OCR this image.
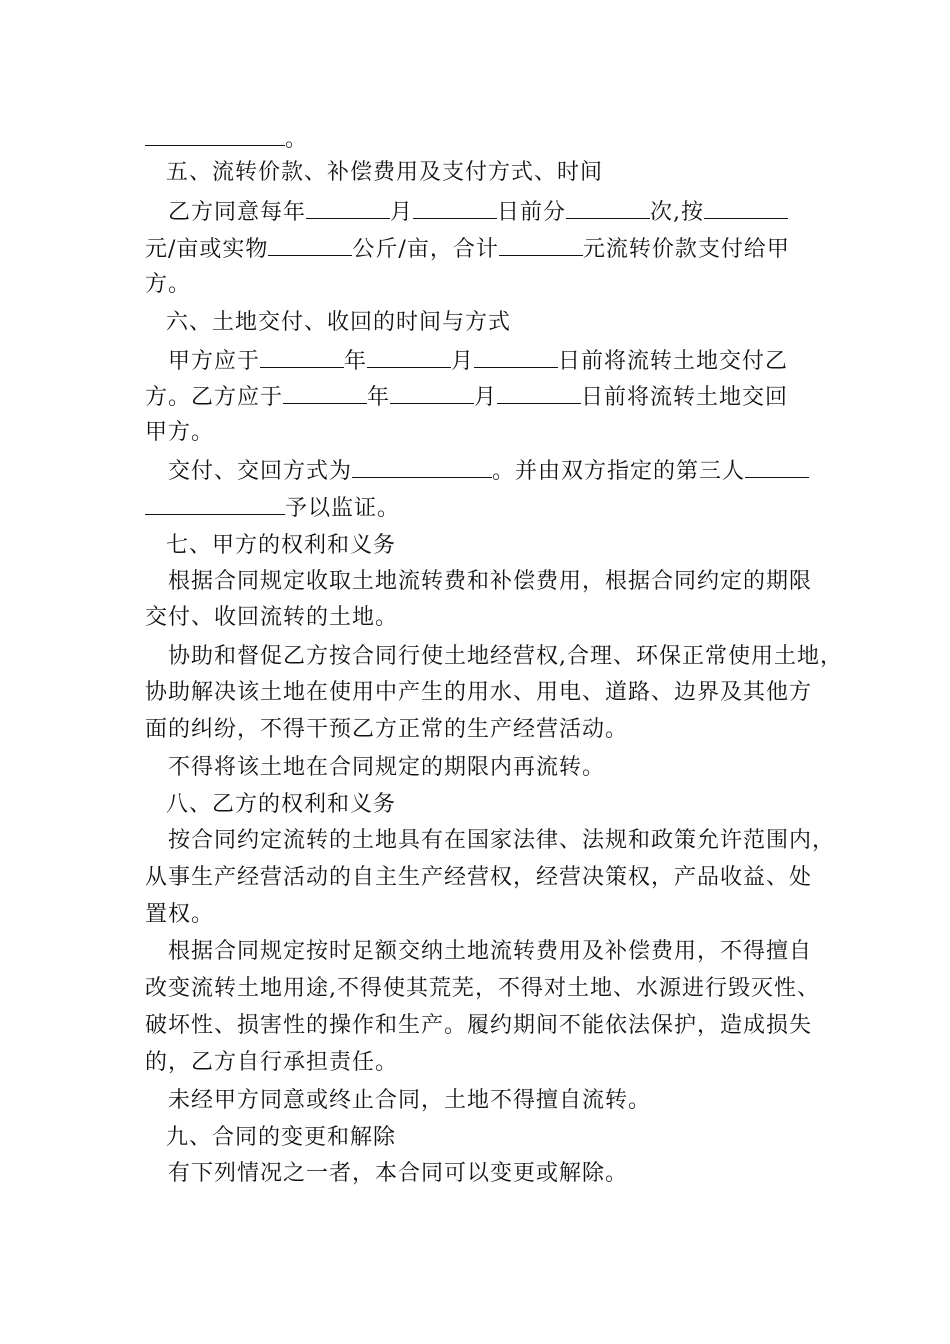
。
五、流转价款、补偿费用及支付方式、时间
乙方同意每年	月	日前分	次,按
元/亩或实物	公斤/亩，合计	元流转价款支付给甲
方。
六、土地交付、收回的时间与方式
甲方应于	年	月	日前将流转土地交付乙
方。乙方应于	年	月	日前将流转土地交回
甲方。
交付、交回方式为	。并由双方指定的第三人
予以监证。
七、甲方的权利和义务
根据合同规定收取土地流转费和补偿费用，根据合同约定的期限
交付、收回流转的土地。
协助和督促乙方按合同行使土地经营权,合理、环保正常使用土地，
协助解决该土地在使用中产生的用水、用电、道路、边界及其他方
面的纠纷，不得干预乙方正常的生产经营活动。
不得将该土地在合同规定的期限内再流转。
八、乙方的权利和义务
按合同约定流转的土地具有在国家法律、法规和政策允许范围内，
从事生产经营活动的自主生产经营权，经营决策权，产品收益、处
置权。
根据合同规定按时足额交纳土地流转费用及补偿费用，不得擅自
改变流转土地用途,不得使其荒芜，不得对土地、水源进行毁灭性、
破坏性、损害性的操作和生产。履约期间不能依法保护，造成损失
的，乙方自行承担责任。
未经甲方同意或终止合同，土地不得擅自流转。
九、合同的变更和解除
有下列情况之一者，本合同可以变更或解除。
